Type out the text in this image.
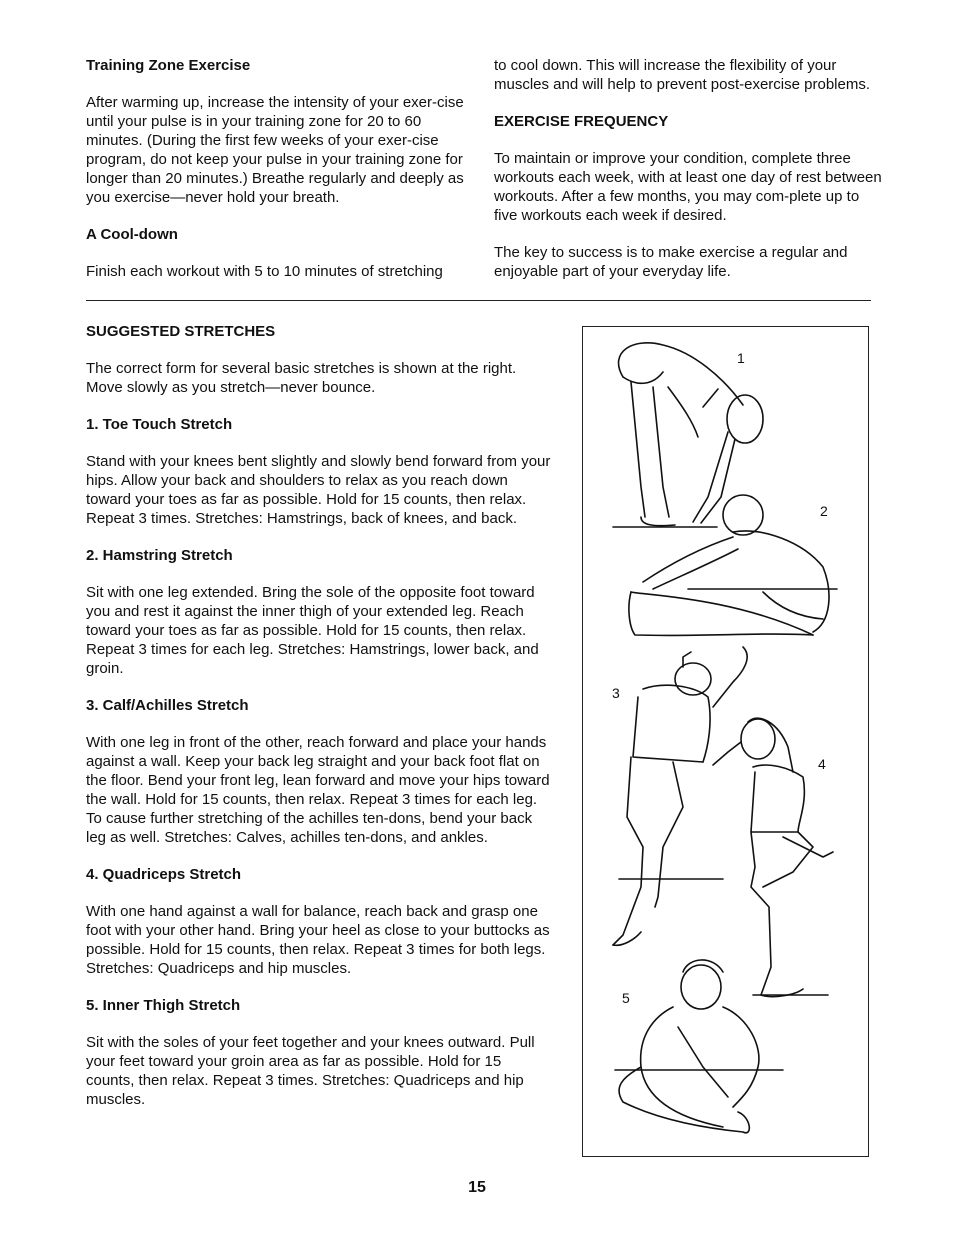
Training Zone Exercise

After warming up, increase the intensity of your exer-cise until your pulse is in your training zone for 20 to 60 minutes. (During the first few weeks of your exer-cise program, do not keep your pulse in your training zone for longer than 20 minutes.) Breathe regularly and deeply as you exercise—never hold your breath.

A Cool-down

Finish each workout with 5 to 10 minutes of stretching

to cool down. This will increase the flexibility of your muscles and will help to prevent post-exercise problems.

EXERCISE FREQUENCY

To maintain or improve your condition, complete three workouts each week, with at least one day of rest between workouts. After a few months, you may com-plete up to five workouts each week if desired.

The key to success is to make exercise a regular and enjoyable part of your everyday life.

SUGGESTED STRETCHES

The correct form for several basic stretches is shown at the right. Move slowly as you stretch—never bounce.

1. Toe Touch Stretch

Stand with your knees bent slightly and slowly bend forward from your hips. Allow your back and shoulders to relax as you reach down toward your toes as far as possible. Hold for 15 counts, then relax. Repeat 3 times. Stretches: Hamstrings, back of knees, and back.

2. Hamstring Stretch

Sit with one leg extended. Bring the sole of the opposite foot toward you and rest it against the inner thigh of your extended leg. Reach toward your toes as far as possible. Hold for 15 counts, then relax. Repeat 3 times for each leg. Stretches: Hamstrings, lower back, and groin.

3. Calf/Achilles Stretch

With one leg in front of the other, reach forward and place your hands against a wall. Keep your back leg straight and your back foot flat on the floor. Bend your front leg, lean forward and move your hips toward the wall. Hold for 15 counts, then relax. Repeat 3 times for each leg. To cause further stretching of the achilles ten-dons, bend your back leg as well. Stretches: Calves, achilles ten-dons, and ankles.

4. Quadriceps Stretch

With one hand against a wall for balance, reach back and grasp one foot with your other hand. Bring your heel as close to your buttocks as possible. Hold for 15 counts, then relax. Repeat 3 times for both legs. Stretches: Quadriceps and hip muscles.

5. Inner Thigh Stretch

Sit with the soles of your feet together and your knees outward. Pull your feet toward your groin area as far as possible. Hold for 15 counts, then relax. Repeat 3 times. Stretches: Quadriceps and hip muscles.

1
2
3
4
5
15
